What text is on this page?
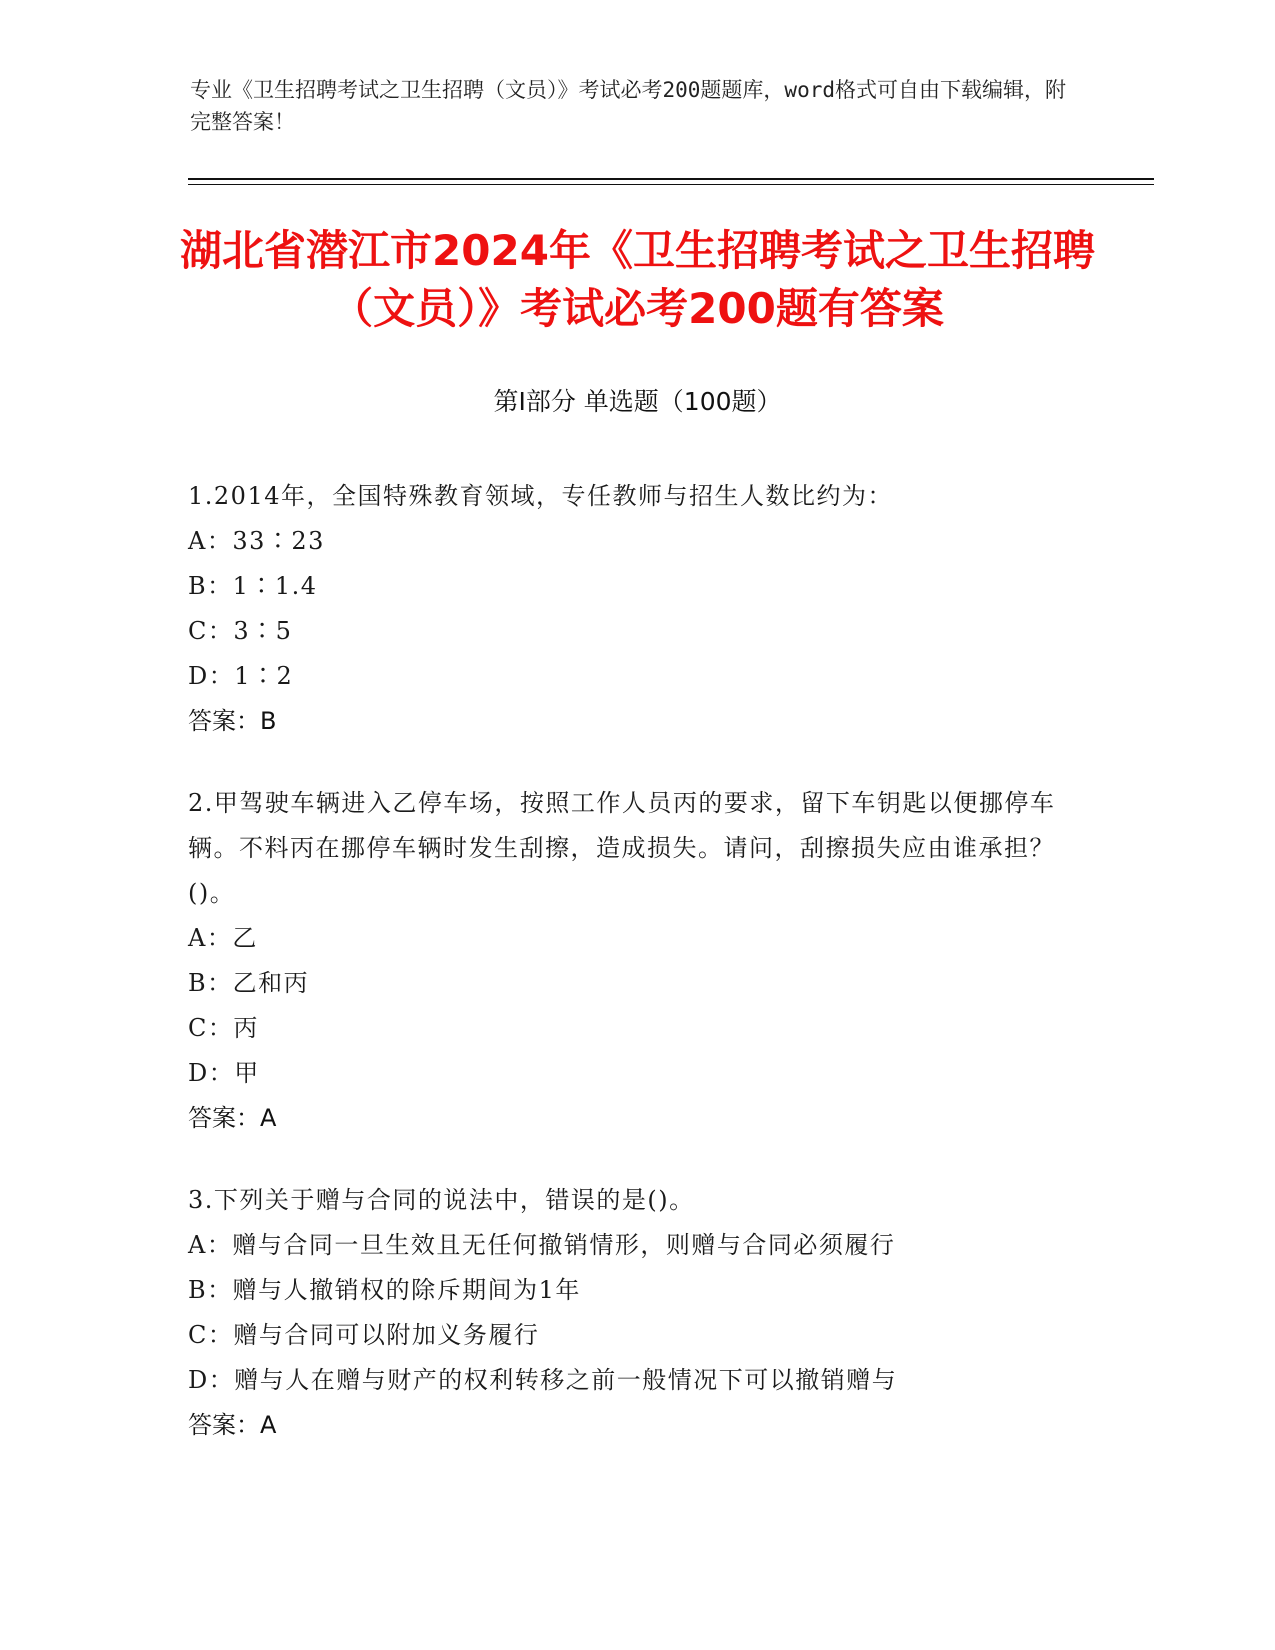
专业《卫生招聘考试之卫生招聘（文员）》考试必考200题题库，word格式可自由下载编辑，附完整答案！
湖北省潜江市2024年《卫生招聘考试之卫生招聘（文员）》考试必考200题有答案
第Ⅰ部分 单选题（100题）
1.2014年，全国特殊教育领域，专任教师与招生人数比约为：
A：33∶23
B：1∶1.4
C：3∶5
D：1∶2
答案：B
2.甲驾驶车辆进入乙停车场，按照工作人员丙的要求，留下车钥匙以便挪停车辆。不料丙在挪停车辆时发生刮擦，造成损失。请问，刮擦损失应由谁承担？()。
A：乙
B：乙和丙
C：丙
D：甲
答案：A
3.下列关于赠与合同的说法中，错误的是()。
A：赠与合同一旦生效且无任何撤销情形，则赠与合同必须履行
B：赠与人撤销权的除斥期间为1年
C：赠与合同可以附加义务履行
D：赠与人在赠与财产的权利转移之前一般情况下可以撤销赠与
答案：A
